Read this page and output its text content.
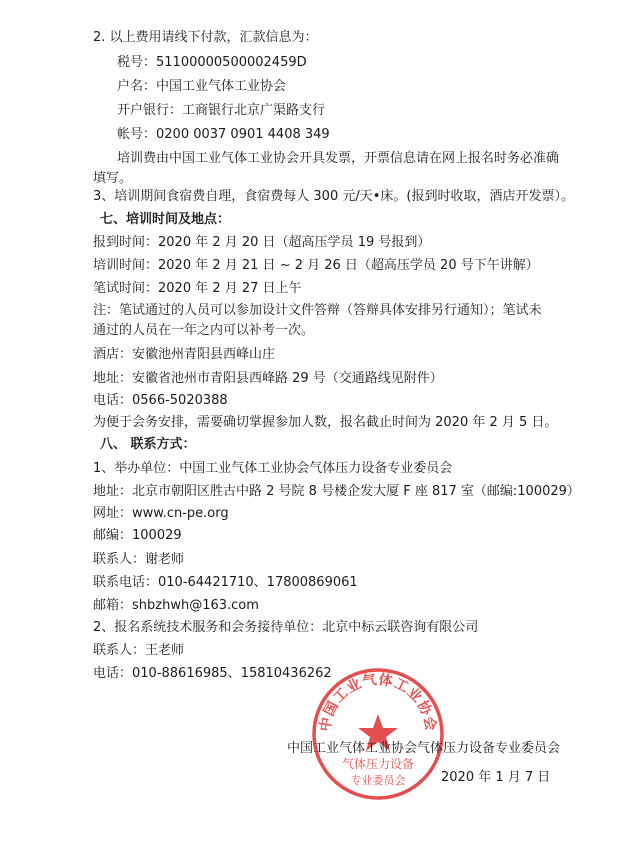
2. 以上费用请线下付款，汇款信息为：
税号：51100000500002459D
户名：中国工业气体工业协会
开户银行：工商银行北京广渠路支行
帐号：0200 0037 0901 4408 349
培训费由中国工业气体工业协会开具发票，开票信息请在网上报名时务必准确
填写。
3、培训期间食宿费自理，食宿费每人 300 元/天•床。(报到时收取，酒店开发票）。
七、培训时间及地点：
报到时间：2020 年 2 月 20 日（超高压学员 19 号报到）
培训时间：2020 年 2 月 21 日 ~ 2 月 26 日（超高压学员 20 号下午讲解）
笔试时间：2020 年 2 月 27 日上午
注：笔试通过的人员可以参加设计文件答辩（答辩具体安排另行通知）；笔试未
通过的人员在一年之内可以补考一次。
酒店：安徽池州青阳县西峰山庄
地址：安徽省池州市青阳县西峰路 29 号（交通路线见附件）
电话：0566-5020388
为便于会务安排，需要确切掌握参加人数，报名截止时间为 2020 年 2 月 5 日。
八、 联系方式：
1、举办单位：中国工业气体工业协会气体压力设备专业委员会
地址：北京市朝阳区胜古中路 2 号院 8 号楼企发大厦 F 座 817 室（邮编:100029）
网址：www.cn-pe.org
邮编：100029
联系人：谢老师
联系电话：010-64421710、17800869061
邮箱：shbzhwh@163.com
2、报名系统技术服务和会务接待单位：北京中标云联咨询有限公司
联系人：王老师
电话：010-88616985、15810436262
中国工业气体工业协会
气体压力设备
专业委员会
中国工业气体工业协会气体压力设备专业委员会
2020 年 1 月 7 日
